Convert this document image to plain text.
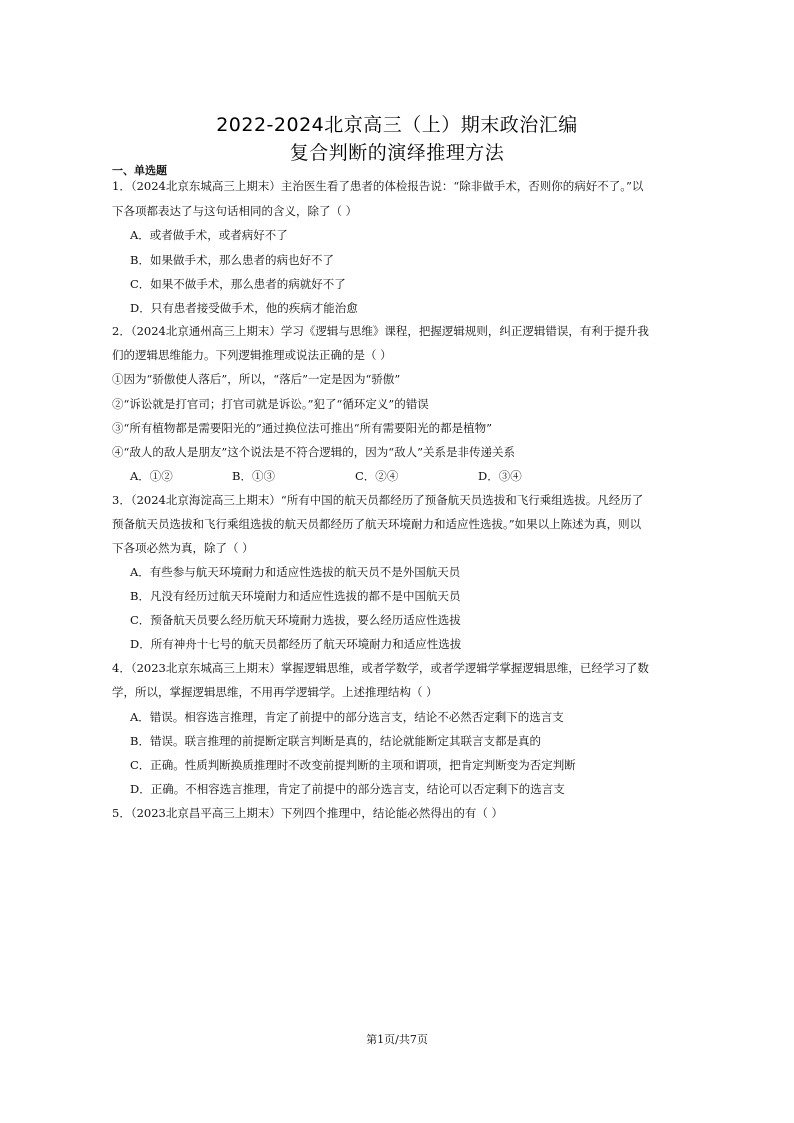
2022-2024北京高三（上）期末政治汇编
复合判断的演绎推理方法
一、单选题
1．（2024北京东城高三上期末）主治医生看了患者的体检报告说：“除非做手术，否则你的病好不了。”以
下各项都表达了与这句话相同的含义，除了（ ）
A．或者做手术，或者病好不了
B．如果做手术，那么患者的病也好不了
C．如果不做手术，那么患者的病就好不了
D．只有患者接受做手术，他的疾病才能治愈
2．（2024北京通州高三上期末）学习《逻辑与思维》课程，把握逻辑规则，纠正逻辑错误，有利于提升我
们的逻辑思维能力。下列逻辑推理或说法正确的是（ ）
①因为“骄傲使人落后”，所以，“落后”一定是因为“骄傲”
②“诉讼就是打官司；打官司就是诉讼。”犯了“循环定义”的错误
③“所有植物都是需要阳光的”通过换位法可推出“所有需要阳光的都是植物”
④“敌人的敌人是朋友”这个说法是不符合逻辑的，因为“敌人”关系是非传递关系
A．①②	B．①③	C．②④	D．③④
3．（2024北京海淀高三上期末）“所有中国的航天员都经历了预备航天员选拔和飞行乘组选拔。凡经历了
预备航天员选拔和飞行乘组选拔的航天员都经历了航天环境耐力和适应性选拔。”如果以上陈述为真，则以
下各项必然为真，除了（ ）
A．有些参与航天环境耐力和适应性选拔的航天员不是外国航天员
B．凡没有经历过航天环境耐力和适应性选拔的都不是中国航天员
C．预备航天员要么经历航天环境耐力选拔，要么经历适应性选拔
D．所有神舟十七号的航天员都经历了航天环境耐力和适应性选拔
4．（2023北京东城高三上期末）掌握逻辑思维，或者学数学，或者学逻辑学掌握逻辑思维，已经学习了数
学，所以，掌握逻辑思维，不用再学逻辑学。上述推理结构（ ）
A．错误。相容选言推理，肯定了前提中的部分选言支，结论不必然否定剩下的选言支
B．错误。联言推理的前提断定联言判断是真的，结论就能断定其联言支都是真的
C．正确。性质判断换质推理时不改变前提判断的主项和谓项，把肯定判断变为否定判断
D．正确。不相容选言推理，肯定了前提中的部分选言支，结论可以否定剩下的选言支
5．（2023北京昌平高三上期末）下列四个推理中，结论能必然得出的有（ ）
第1页/共7页
